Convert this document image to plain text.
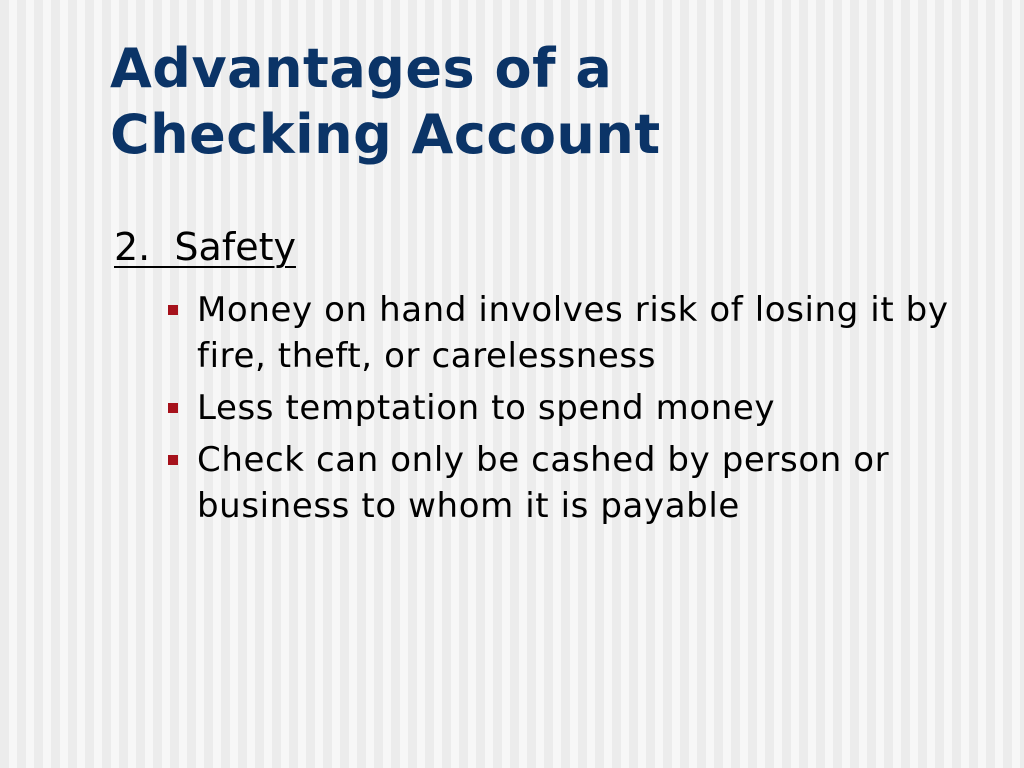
Advantages of a
Checking Account
2.  Safety
Money on hand involves risk of losing it by fire, theft, or carelessness
Less temptation to spend money
Check can only be cashed by person or business to whom it is payable
